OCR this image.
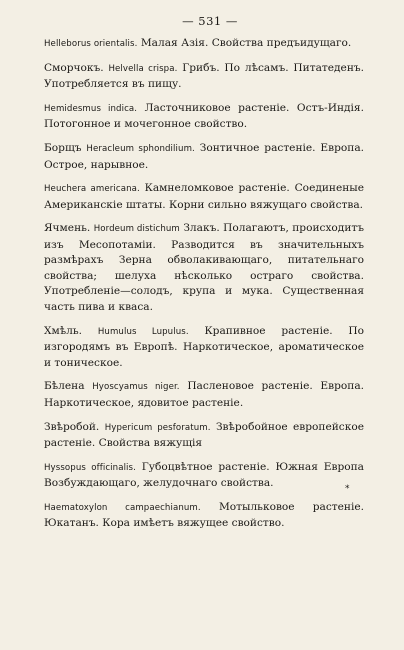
— 531 —

Helleborus orientalis. Малая Азія. Свойства предъидущаго.

Сморчокъ. Helvella crispa. Грибъ. По лѣсамъ. Питатеденъ. Употребляется въ пищу.

Hemidesmus indica. Ласточниковое растеніе. Остъ-Индія. Потогонное и мочегонное свойство.

Борщъ Heracleum sphondilium. Зонтичное растеніе. Европа. Острое, нарывное.

Heuchera americana. Камнеломковое растеніе. Соединеные Американскіе штаты. Корни сильно вяжущаго свойства.

Ячмень. Hordeum distichum Злакъ. Полагаютъ, происходитъ изъ Месопотаміи. Разводится въ значительныхъ размѣрахъ Зерна обволакивающаго, питательнаго свойства; шелуха нѣсколько остраго свойства. Употребленіе—солодъ, крупа и мука. Существенная часть пива и кваса.

Хмѣль. Humulus Lupulus. Крапивное растеніе. По изгородямъ въ Европѣ. Наркотическое, ароматическое и тоническое.

Бѣлена Hyoscyamus niger. Пасленовое растеніе. Европа. Наркотическое, ядовитое растеніе.

Звѣробой. Hypericum pesforatum. Звѣробойное европейское растеніе. Свойства вяжущія

Hyssopus officinalis. Губоцвѣтное растеніе. Южная Европа Возбуждающаго, желудочнаго свойства.

Haematoxylon campaechianum. Мотыльковое растеніе. Юкатанъ. Кора имѣетъ вяжущее свойство.

*
